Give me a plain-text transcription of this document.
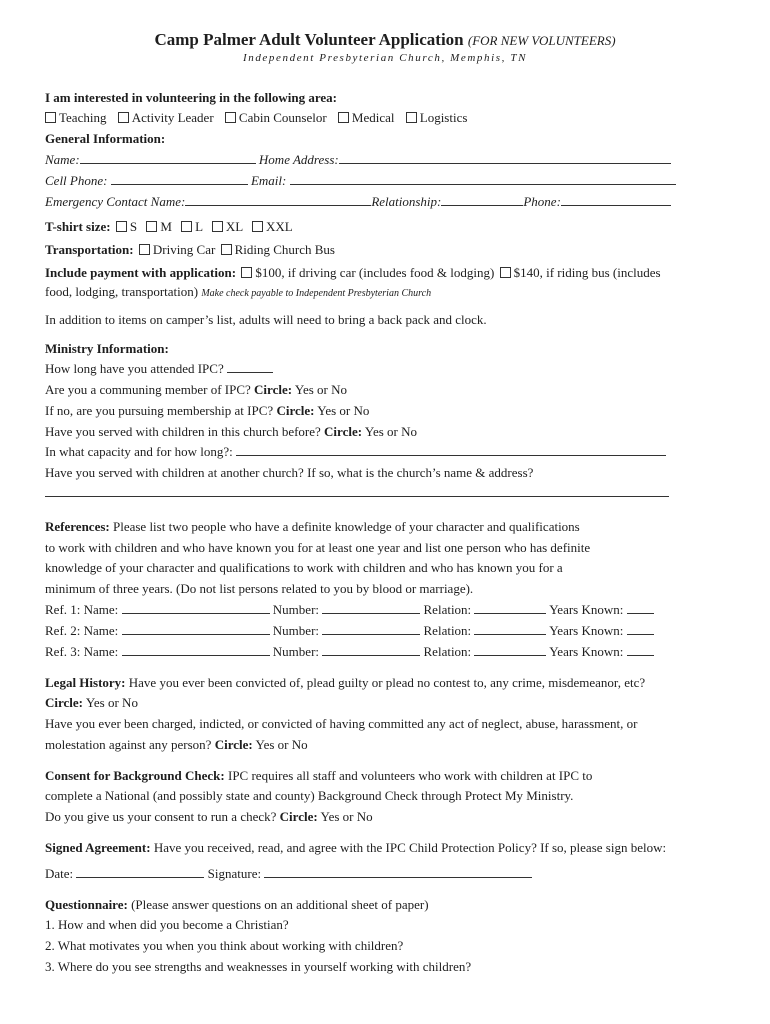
Camp Palmer Adult Volunteer Application (FOR NEW VOLUNTEERS)
Independent Presbyterian Church, Memphis, TN
I am interested in volunteering in the following area:
Teaching Activity Leader Cabin Counselor Medical Logistics
General Information:
Name:	Home Address:
Cell Phone:	Email:
Emergency Contact Name:	Relationship:	Phone:
T-shirt size: S M L XL XXL
Transportation: Driving Car Riding Church Bus
Include payment with application: $100, if driving car (includes food & lodging) $140, if riding bus (includes
food, lodging, transportation) Make check payable to Independent Presbyterian Church
In addition to items on camper’s list, adults will need to bring a back pack and clock.
Ministry Information:
How long have you attended IPC?
Are you a communing member of IPC? Circle: Yes or No
If no, are you pursuing membership at IPC? Circle: Yes or No
Have you served with children in this church before? Circle: Yes or No
In what capacity and for how long?:
Have you served with children at another church? If so, what is the church’s name & address?
References: Please list two people who have a definite knowledge of your character and qualifications
to work with children and who have known you for at least one year and list one person who has definite
knowledge of your character and qualifications to work with children and who has known you for a
minimum of three years. (Do not list persons related to you by blood or marriage).
Ref. 1: Name:	Number:	Relation:	Years Known:
Ref. 2: Name:	Number:	Relation:	Years Known:
Ref. 3: Name:	Number:	Relation:	Years Known:
Legal History: Have you ever been convicted of, plead guilty or plead no contest to, any crime, misdemeanor, etc?
Circle: Yes or No
Have you ever been charged, indicted, or convicted of having committed any act of neglect, abuse, harassment, or
molestation against any person? Circle: Yes or No
Consent for Background Check: IPC requires all staff and volunteers who work with children at IPC to
complete a National (and possibly state and county) Background Check through Protect My Ministry.
Do you give us your consent to run a check? Circle: Yes or No
Signed Agreement: Have you received, read, and agree with the IPC Child Protection Policy? If so, please sign below:
Date:	Signature:
Questionnaire: (Please answer questions on an additional sheet of paper)
1. How and when did you become a Christian?
2. What motivates you when you think about working with children?
3. Where do you see strengths and weaknesses in yourself working with children?
